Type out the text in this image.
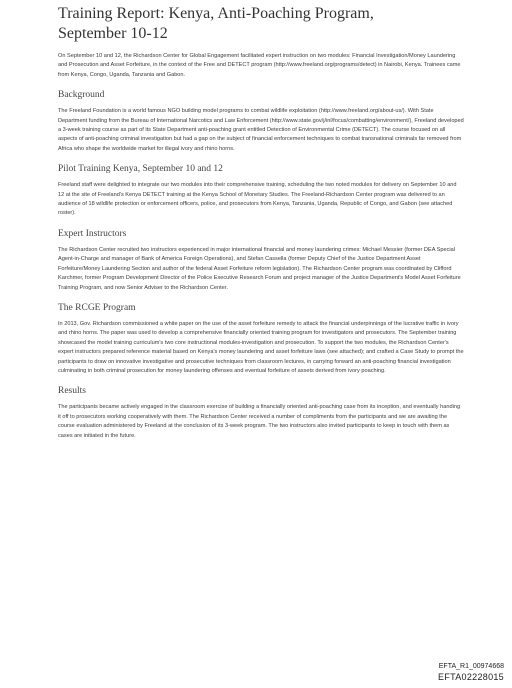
Training Report: Kenya, Anti-Poaching Program,
September 10-12

On September 10 and 12, the Richardson Center for Global Engagement facilitated expert instruction on two modules: Financial Investigation/Money Laundering and Prosecution and Asset Forfeiture, in the context of the Free and DETECT program (http://www.freeland.org/programs/detect) in Nairobi, Kenya. Trainees came from Kenya, Congo, Uganda, Tanzania and Gabon.

Background

The Freeland Foundation is a world famous NGO building model programs to combat wildlife exploitation (http://www.freeland.org/about-us/). With State Department funding from the Bureau of International Narcotics and Law Enforcement (http://www.state.gov/j/inl/focus/combatting/environment/), Freeland developed a 3-week training course as part of its State Department anti-poaching grant entitled Detection of Environmental Crime (DETECT). The course focused on all aspects of anti-poaching criminal investigation but had a gap on the subject of financial enforcement techniques to combat transnational criminals far removed from Africa who shape the worldwide market for illegal ivory and rhino horns.

Pilot Training Kenya, September 10 and 12

Freeland staff were delighted to integrate our two modules into their comprehensive training, scheduling the two noted modules for delivery on September 10 and 12 at the site of Freeland's Kenya DETECT training at the Kenya School of Monetary Studies. The Freeland-Richardson Center program was delivered to an audience of 18 wildlife protection or enforcement officers, police, and prosecutors from Kenya, Tanzania, Uganda, Republic of Congo, and Gabon (see attached roster).

Expert Instructors

The Richardson Center recruited two instructors experienced in major international financial and money laundering crimes: Michael Messier (former DEA Special Agent-in-Charge and manager of Bank of America Foreign Operations), and Stefan Cassella (former Deputy Chief of the Justice Department Asset Forfeiture/Money Laundering Section and author of the federal Asset Forfeiture reform legislation). The Richardson Center program was coordinated by Clifford Karchmer, former Program Development Director of the Police Executive Research Forum and project manager of the Justice Department's Model Asset Forfeiture Training Program, and now Senior Adviser to the Richardson Center.

The RCGE Program

In 2013, Gov. Richardson commissioned a white paper on the use of the asset forfeiture remedy to attack the financial underpinnings of the lucrative traffic in ivory and rhino horns. The paper was used to develop a comprehensive financially oriented training program for investigators and prosecutors. The September training showcased the model training curriculum's two core instructional modules-investigation and prosecution. To support the two modules, the Richardson Center's expert instructors prepared reference material based on Kenya's money laundering and asset forfeiture laws (see attached); and crafted a Case Study to prompt the participants to draw on innovative investigative and prosecutive techniques from classroom lectures, in carrying forward an anti-poaching financial investigation culminating in both criminal prosecution for money laundering offenses and eventual forfeiture of assets derived from ivory poaching.

Results

The participants became actively engaged in the classroom exercise of building a financially oriented anti-poaching case from its inception, and eventually handing it off to prosecutors working cooperatively with them. The Richardson Center received a number of compliments from the participants and we are awaiting the course evaluation administered by Freeland at the conclusion of its 3-week program. The two instructors also invited participants to keep in touch with them as cases are initiated in the future.

EFTA_R1_00974668
EFTA02228015
